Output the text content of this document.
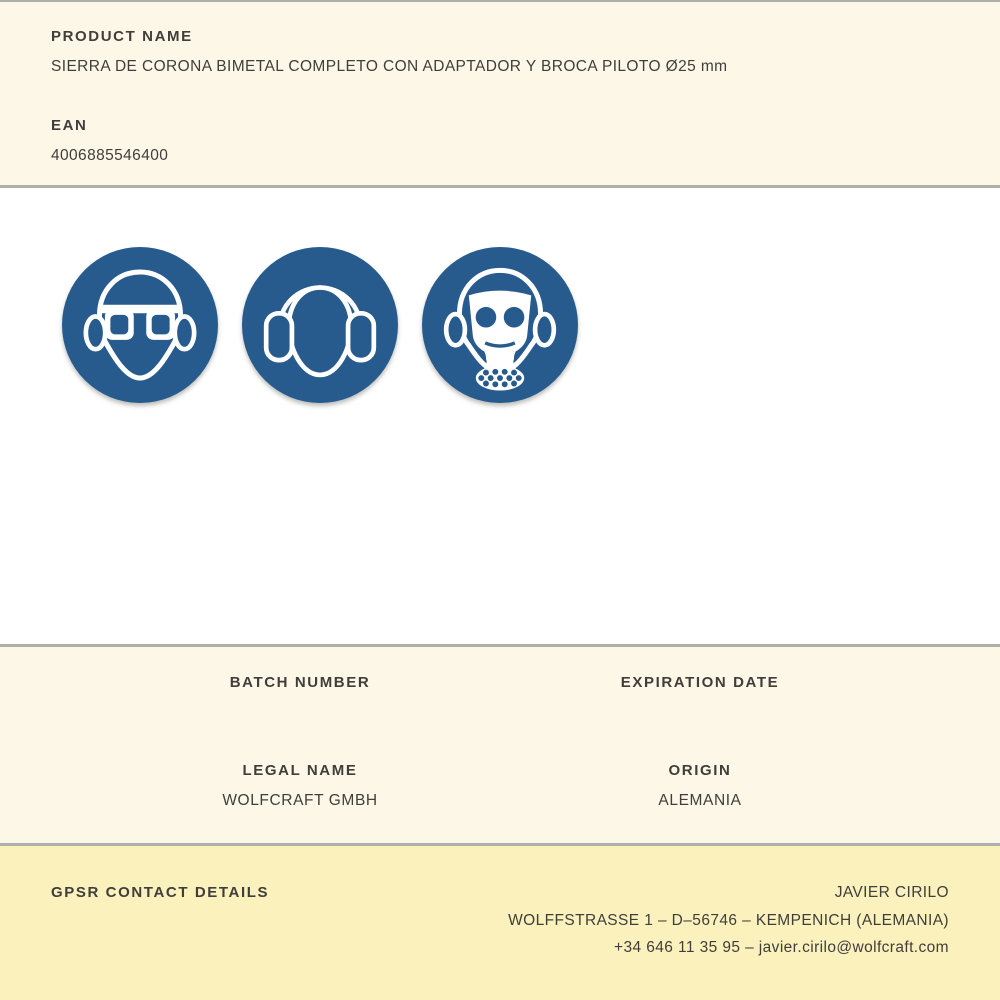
PRODUCT NAME

SIERRA DE CORONA BIMETAL COMPLETO CON ADAPTADOR Y BROCA PILOTO Ø25 mm

EAN

4006885546400

BATCH NUMBER	EXPIRATION DATE

LEGAL NAME

WOLFCRAFT GMBH

ORIGIN

ALEMANIA

GPSR CONTACT DETAILS	JAVIER CIRILO

WOLFFSTRASSE 1 – D–56746 – KEMPENICH (ALEMANIA)

+34 646 11 35 95 – javier.cirilo@wolfcraft.com
